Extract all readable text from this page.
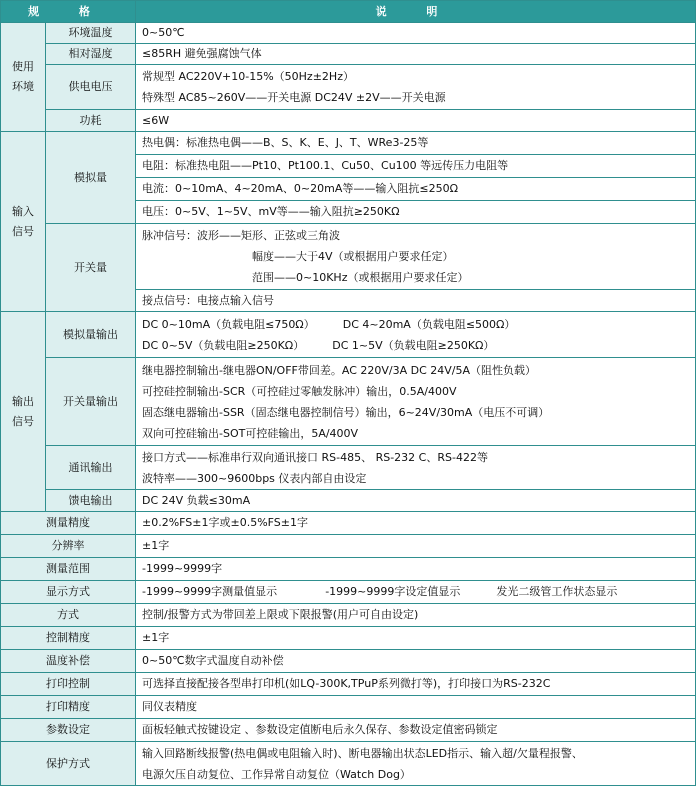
规 格		说 明
使用环境	环境温度	0~50℃
	相对湿度	≤85RH 避免强腐蚀气体
	供电电压	常规型 AC220V+10-15%（50Hz±2Hz）
特殊型 AC85~260V——开关电源 DC24V ±2V——开关电源

	功耗	≤6W
输入信号	模拟量	热电偶：标准热电偶——B、S、K、E、J、T、WRe3-25等
		电阻：标准热电阻——Pt10、Pt100.1、Cu50、Cu100 等远传压力电阻等
		电流：0~10mA、4~20mA、0~20mA等——输入阻抗≤250Ω
		电压：0~5V、1~5V、mV等——输入阻抗≥250KΩ
	开关量	脉冲信号：波形——矩形、正弦或三角波
幅度——大于4V（或根据用户要求任定）
范围——0~10KHz（或根据用户要求任定）

		接点信号：电接点输入信号

输出信号	模拟量输出	DC 0~10mA（负载电阻≤750Ω） DC 4~20mA（负载电阻≤500Ω）
DC 0~5V（负载电阻≥250KΩ） DC 1~5V（负载电阻≥250KΩ）

	开关量输出	继电器控制输出-继电器ON/OFF带回差。AC 220V/3A DC 24V/5A（阻性负载）
可控硅控制输出-SCR（可控硅过零触发脉冲）输出，0.5A/400V
固态继电器输出-SSR（固态继电器控制信号）输出，6~24V/30mA（电压不可调）
双向可控硅输出-SOT可控硅输出，5A/400V

	通讯输出	接口方式——标准串行双向通讯接口 RS-485、 RS-232 C、RS-422等
波特率——300~9600bps 仪表内部自由设定

	馈电输出	DC 24V 负载≤30mA

测量精度		±0.2%FS±1字或±0.5%FS±1字
分辨率		±1字
测量范围		-1999~9999字
显示方式		-1999~9999字测量值显示 -1999~9999字设定值显示 发光二级管工作状态显示
方式		控制/报警方式为带回差上限或下限报警(用户可自由设定)
控制精度		±1字
温度补偿		0~50℃数字式温度自动补偿
打印控制		可选择直接配接各型串打印机(如LQ-300K,TPuP系列微打等)，打印接口为RS-232C
打印精度		同仪表精度
参数设定		面板轻触式按键设定 、参数设定值断电后永久保存、参数设定值密码锁定
保护方式		输入回路断线报警(热电偶或电阻输入时)、断电器输出状态LED指示、输入超/欠量程报警、
电源欠压自动复位、工作异常自动复位（Watch Dog）
